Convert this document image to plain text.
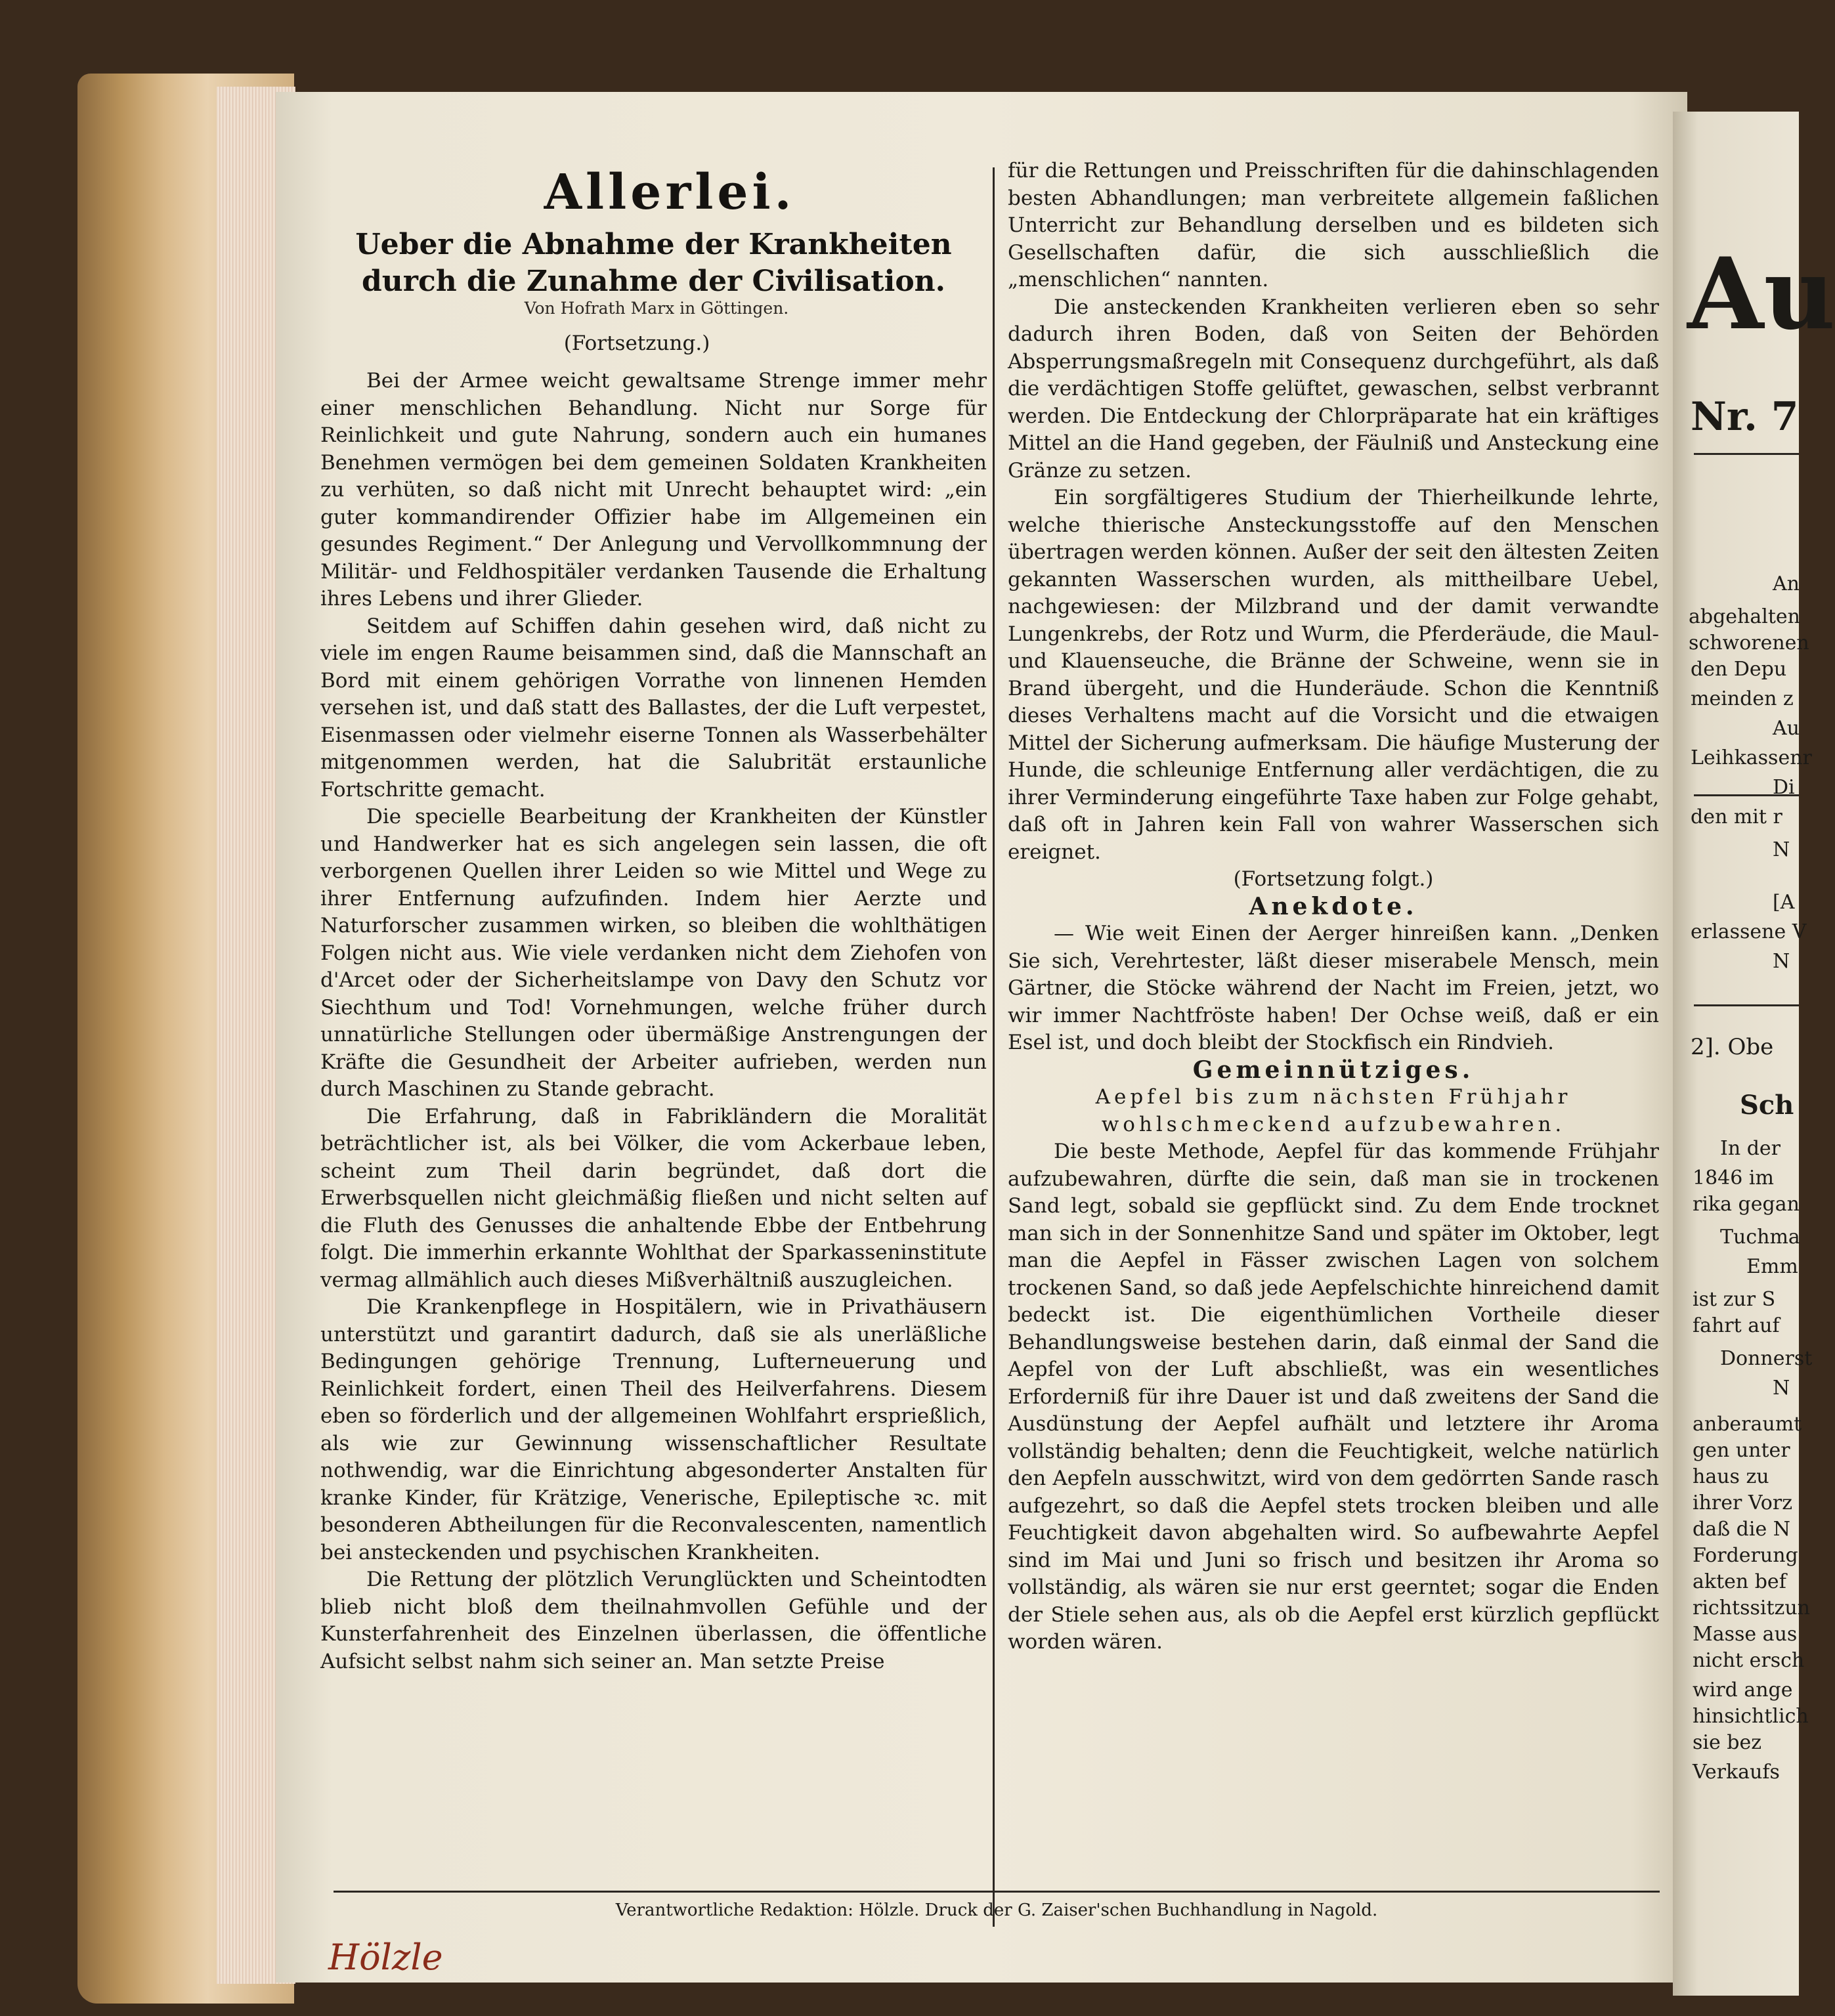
Allerlei.
Ueber die Abnahme der Krankheiten durch die Zunahme der Civilisation.
Von Hofrath Marx in Göttingen.
(Fortsetzung.)

Bei der Armee weicht gewaltsame Strenge immer mehr einer menschlichen Behandlung. Nicht nur Sorge für Reinlichkeit und gute Nahrung, sondern auch ein humanes Benehmen vermögen bei dem gemeinen Soldaten Krankheiten zu verhüten, so daß nicht mit Unrecht behauptet wird: „ein guter kommandirender Offizier habe im Allgemeinen ein gesundes Regiment.“ Der Anlegung und Vervollkommnung der Militär- und Feldhospitäler verdanken Tausende die Erhaltung ihres Lebens und ihrer Glieder.

Seitdem auf Schiffen dahin gesehen wird, daß nicht zu viele im engen Raume beisammen sind, daß die Mannschaft an Bord mit einem gehörigen Vorrathe von linnenen Hemden versehen ist, und daß statt des Ballastes, der die Luft verpestet, Eisenmassen oder vielmehr eiserne Tonnen als Wasserbehälter mitgenommen werden, hat die Salubrität erstaunliche Fortschritte gemacht.

Die specielle Bearbeitung der Krankheiten der Künstler und Handwerker hat es sich angelegen sein lassen, die oft verborgenen Quellen ihrer Leiden so wie Mittel und Wege zu ihrer Entfernung aufzufinden. Indem hier Aerzte und Naturforscher zusammen wirken, so bleiben die wohlthätigen Folgen nicht aus. Wie viele verdanken nicht dem Ziehofen von d'Arcet oder der Sicherheitslampe von Davy den Schutz vor Siechthum und Tod! Vornehmungen, welche früher durch unnatürliche Stellungen oder übermäßige Anstrengungen der Kräfte die Gesundheit der Arbeiter aufrieben, werden nun durch Maschinen zu Stande gebracht.

Die Erfahrung, daß in Fabrikländern die Moralität beträchtlicher ist, als bei Völker, die vom Ackerbaue leben, scheint zum Theil darin begründet, daß dort die Erwerbsquellen nicht gleichmäßig fließen und nicht selten auf die Fluth des Genusses die anhaltende Ebbe der Entbehrung folgt. Die immerhin erkannte Wohlthat der Sparkasseninstitute vermag allmählich auch dieses Mißverhältniß auszugleichen.

Die Krankenpflege in Hospitälern, wie in Privathäusern unterstützt und garantirt dadurch, daß sie als unerläßliche Bedingungen gehörige Trennung, Lufterneuerung und Reinlichkeit fordert, einen Theil des Heilverfahrens. Diesem eben so förderlich und der allgemeinen Wohlfahrt ersprießlich, als wie zur Gewinnung wissenschaftlicher Resultate nothwendig, war die Einrichtung abgesonderter Anstalten für kranke Kinder, für Krätzige, Venerische, Epileptische ꝛc. mit besonderen Abtheilungen für die Reconvalescenten, namentlich bei ansteckenden und psychischen Krankheiten.

Die Rettung der plötzlich Verunglückten und Scheintodten blieb nicht bloß dem theilnahmvollen Gefühle und der Kunsterfahrenheit des Einzelnen überlassen, die öffentliche Aufsicht selbst nahm sich seiner an. Man setzte Preise

für die Rettungen und Preisschriften für die dahinschlagenden besten Abhandlungen; man verbreitete allgemein faßlichen Unterricht zur Behandlung derselben und es bildeten sich Gesellschaften dafür, die sich ausschließlich die „menschlichen“ nannten.

Die ansteckenden Krankheiten verlieren eben so sehr dadurch ihren Boden, daß von Seiten der Behörden Absperrungsmaßregeln mit Consequenz durchgeführt, als daß die verdächtigen Stoffe gelüftet, gewaschen, selbst verbrannt werden. Die Entdeckung der Chlorpräparate hat ein kräftiges Mittel an die Hand gegeben, der Fäulniß und Ansteckung eine Gränze zu setzen.

Ein sorgfältigeres Studium der Thierheilkunde lehrte, welche thierische Ansteckungsstoffe auf den Menschen übertragen werden können. Außer der seit den ältesten Zeiten gekannten Wasserschen wurden, als mittheilbare Uebel, nachgewiesen: der Milzbrand und der damit verwandte Lungenkrebs, der Rotz und Wurm, die Pferderäude, die Maul- und Klauenseuche, die Bränne der Schweine, wenn sie in Brand übergeht, und die Hunderäude. Schon die Kenntniß dieses Verhaltens macht auf die Vorsicht und die etwaigen Mittel der Sicherung aufmerksam. Die häufige Musterung der Hunde, die schleunige Entfernung aller verdächtigen, die zu ihrer Verminderung eingeführte Taxe haben zur Folge gehabt, daß oft in Jahren kein Fall von wahrer Wasserschen sich ereignet.

(Fortsetzung folgt.)

Anekdote.

— Wie weit Einen der Aerger hinreißen kann. „Denken Sie sich, Verehrtester, läßt dieser miserabele Mensch, mein Gärtner, die Stöcke während der Nacht im Freien, jetzt, wo wir immer Nachtfröste haben! Der Ochse weiß, daß er ein Esel ist, und doch bleibt der Stockfisch ein Rindvieh.

Gemeinnütziges.

Aepfel bis zum nächsten Frühjahr wohlschmeckend aufzubewahren.

Die beste Methode, Aepfel für das kommende Frühjahr aufzubewahren, dürfte die sein, daß man sie in trockenen Sand legt, sobald sie gepflückt sind. Zu dem Ende trocknet man sich in der Sonnenhitze Sand und später im Oktober, legt man die Aepfel in Fässer zwischen Lagen von solchem trockenen Sand, so daß jede Aepfelschichte hinreichend damit bedeckt ist. Die eigenthümlichen Vortheile dieser Behandlungsweise bestehen darin, daß einmal der Sand die Aepfel von der Luft abschließt, was ein wesentliches Erforderniß für ihre Dauer ist und daß zweitens der Sand die Ausdünstung der Aepfel aufhält und letztere ihr Aroma vollständig behalten; denn die Feuchtigkeit, welche natürlich den Aepfeln ausschwitzt, wird von dem gedörrten Sande rasch aufgezehrt, so daß die Aepfel stets trocken bleiben und alle Feuchtigkeit davon abgehalten wird. So aufbewahrte Aepfel sind im Mai und Juni so frisch und besitzen ihr Aroma so vollständig, als wären sie nur erst geerntet; sogar die Enden der Stiele sehen aus, als ob die Aepfel erst kürzlich gepflückt worden wären.

Verantwortliche Redaktion: Hölzle. Druck der G. Zaiser'schen Buchhandlung in Nagold.
Hölzle
Au
Nr. 7
An
abgehalten
schworenen
den Depu
meinden z
Au
Leihkassenr
Di
den mit r
N
[A
erlassene V
N
2]. Obe
Sch
In der
1846 im
rika gegan
Tuchma
Emm
ist zur S
fahrt auf
Donnerst
N
anberaumt
gen unter
haus zu
ihrer Vorz
daß die N
Forderung
akten bef
richtssitzun
Masse aus
nicht ersch
wird ange
hinsichtlich
sie bez
Verkaufs
